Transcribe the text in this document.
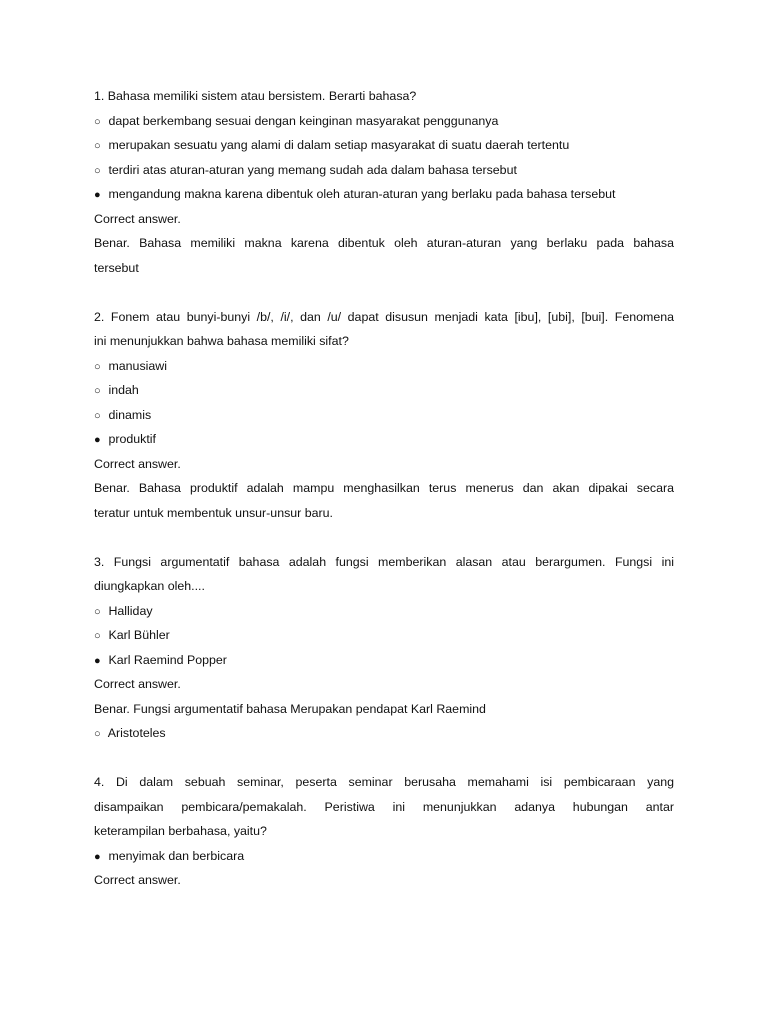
1. Bahasa memiliki sistem atau bersistem. Berarti bahasa?
○ dapat berkembang sesuai dengan keinginan masyarakat penggunanya
○ merupakan sesuatu yang alami di dalam setiap masyarakat di suatu daerah tertentu
○ terdiri atas aturan-aturan yang memang sudah ada dalam bahasa tersebut
● mengandung makna karena dibentuk oleh aturan-aturan yang berlaku pada bahasa tersebut
Correct answer.
Benar. Bahasa memiliki makna karena dibentuk oleh aturan-aturan yang berlaku pada bahasa
tersebut
2. Fonem atau bunyi-bunyi /b/, /i/, dan /u/ dapat disusun menjadi kata [ibu], [ubi], [bui]. Fenomena
ini menunjukkan bahwa bahasa memiliki sifat?
○ manusiawi
○ indah
○ dinamis
● produktif
Correct answer.
Benar. Bahasa produktif adalah mampu menghasilkan terus menerus dan akan dipakai secara
teratur untuk membentuk unsur-unsur baru.
3. Fungsi argumentatif bahasa adalah fungsi memberikan alasan atau berargumen. Fungsi ini
diungkapkan oleh....
○ Halliday
○ Karl Bühler
● Karl Raemind Popper
Correct answer.
Benar. Fungsi argumentatif bahasa Merupakan pendapat Karl Raemind
○ Aristoteles
4. Di dalam sebuah seminar, peserta seminar berusaha memahami isi pembicaraan yang
disampaikan pembicara/pemakalah. Peristiwa ini menunjukkan adanya hubungan antar
keterampilan berbahasa, yaitu?
● menyimak dan berbicara
Correct answer.
